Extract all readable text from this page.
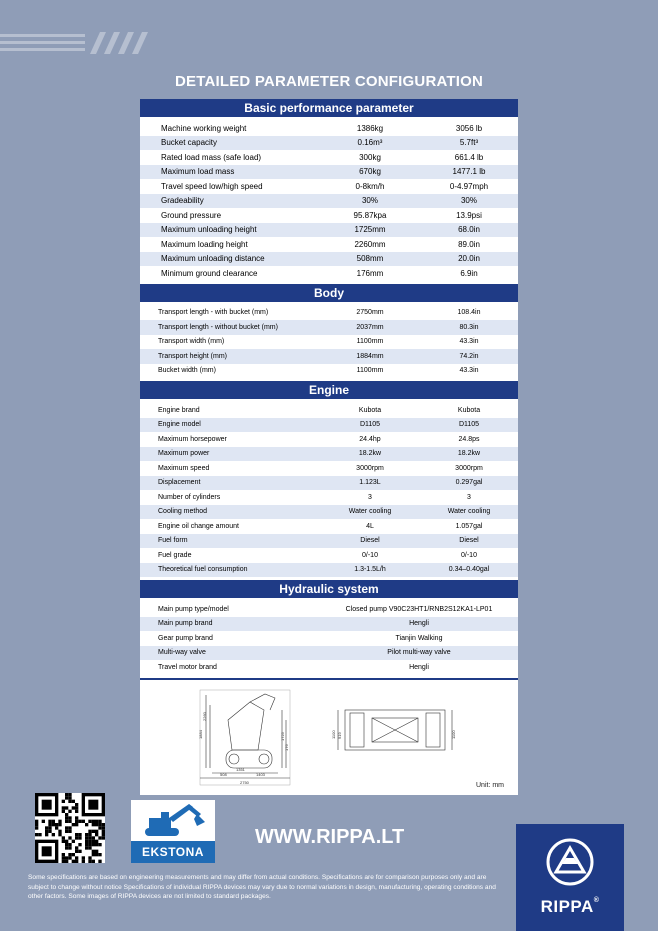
DETAILED PARAMETER CONFIGURATION
Basic performance parameter
Machine working weight	1386kg	3056 lb
Bucket capacity	0.16m³	5.7ft³
Rated load mass (safe load)	300kg	661.4 lb
Maximum load mass	670kg	1477.1 lb
Travel speed low/high speed	0-8km/h	0-4.97mph
Gradeability	30%	30%
Ground pressure	95.87kpa	13.9psi
Maximum unloading height	1725mm	68.0in
Maximum loading height	2260mm	89.0in
Maximum unloading distance	508mm	20.0in
Minimum ground clearance	176mm	6.9in
Body
Transport length - with bucket (mm)	2750mm	108.4in
Transport length - without bucket (mm)	2037mm	80.3in
Transport width (mm)	1100mm	43.3in
Transport height (mm)	1884mm	74.2in
Bucket width (mm)	1100mm	43.3in
Engine
Engine brand	Kubota	Kubota
Engine model	D1105	D1105
Maximum horsepower	24.4hp	24.8ps
Maximum power	18.2kw	18.2kw
Maximum speed	3000rpm	3000rpm
Displacement	1.123L	0.297gal
Number of cylinders	3	3
Cooling method	Water cooling	Water cooling
Engine oil change amount	4L	1.057gal
Fuel form	Diesel	Diesel
Fuel grade	0/-10	0/-10
Theoretical fuel consumption	1.3-1.5L/h	0.34–0.40gal
Hydraulic system
Main pump type/model	Closed pump V90C23HT1/RNB2S12KA1-LP01
Main pump brand	Hengli
Gear pump brand	Tianjin Walking
Multi-way valve	Pilot multi-way valve
Travel motor brand	Hengli
2750
1351
1403
1884
2260
1725
176
508
1100 919	1100
Unit: mm
EKSTONA
WWW.RIPPA.LT
RIPPA®
Some specifications are based on engineering measurements and may differ from actual conditions. Specifications are for comparison purposes only and are subject to change without notice Specifications of individual RIPPA devices may vary due to normal variations in design, manufacturing, operating conditions and other factors. Some images of RIPPA devices are not limited to standard packages.
